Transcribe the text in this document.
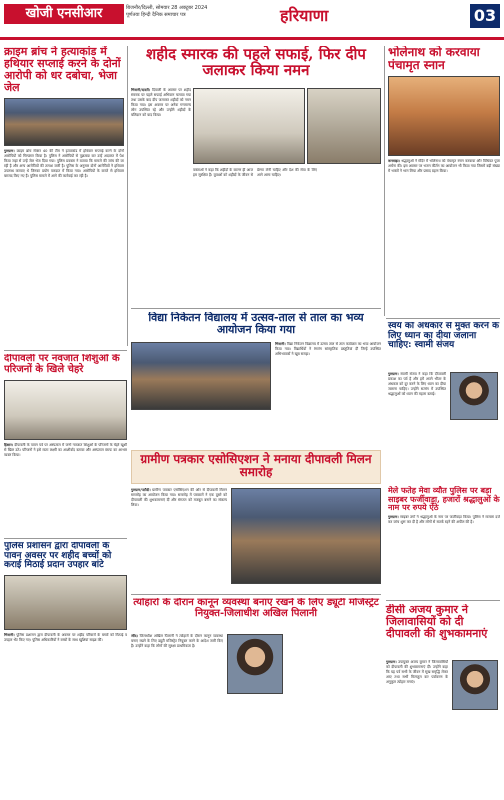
खोजी एनसीआर	बिजनौर/दिल्ली, सोमवार 28 अक्टूबर 2024
पूर्णतया हिन्दी दैनिक समाचार पत्र	हरियाणा	03
क्राइम ब्रांच ने हत्याकांड में हथियार सप्लाई करने के दोनों आरोपी को धर दबोचा, भेजा जेल
गुरुग्राम। क्राइम ब्रांच सेक्टर 40 की टीम ने हत्याकांड में हथियार सप्लाई करने के दोनों आरोपियों को गिरफ्तार किया है। पुलिस ने आरोपियों से पूछताछ कर उन्हें अदालत में पेश किया जहां से उन्हें जेल भेज दिया गया। पुलिस प्रवक्ता ने बताया कि मामले की जांच की जा रही है और अन्य आरोपियों की तलाश जारी है। पुलिस के अनुसार दोनों आरोपियों ने हथियार उपलब्ध करवाए थे जिनका प्रयोग वारदात में किया गया। आरोपियों के कब्जे से हथियार बरामद किए गए हैं। पुलिस मामले में आगे की कार्रवाई कर रही है।
शहीद स्मारक की पहले सफाई, फिर दीप जलाकर किया नमन
भिवानी/दादरी। दिवाली के अवसर पर शहीद स्मारक पर पहले सफाई अभियान चलाया गया तथा उसके बाद दीप जलाकर शहीदों को नमन किया गया। इस अवसर पर अनेक गणमान्य लोग उपस्थित रहे और उन्होंने शहीदों के बलिदान को याद किया।
वक्ताओं ने कहा कि शहीदों के कारण ही आज हम सुरक्षित हैं। युवाओं को शहीदों के जीवन से प्रेरणा लेनी चाहिए और देश की सेवा के लिए आगे आना चाहिए।
भोलेनाथ को करवाया पंचामृत स्नान
कनवाड़ा। श्रद्धालुओं ने मंदिर में भोलेनाथ को पंचामृत स्नान करवाया और विधिवत पूजा अर्चना की। इस अवसर पर भजन कीर्तन का आयोजन भी किया गया जिसमें बड़ी संख्या में भक्तों ने भाग लिया और प्रसाद ग्रहण किया।
विद्या निकेतन विद्यालय में उत्सव-ताल से ताल का भव्य आयोजन किया गया
भिवानी। विद्या निकेतन विद्यालय में उत्सव ताल से ताल कार्यक्रम का भव्य आयोजन किया गया। विद्यार्थियों ने रंगारंग सांस्कृतिक प्रस्तुतियां दीं जिन्हें उपस्थित अभिभावकों ने खूब सराहा।
स्वयं को अंधकार से मुक्त करने के लिए ध्यान का दीया जलाना चाहिए: स्वामी संजय
गुरुग्राम। स्वामी संजय ने कहा कि दीपावली प्रकाश का पर्व है और हमें अपने भीतर के अंधकार को दूर करने के लिए ध्यान का दीया जलाना चाहिए। उन्होंने सत्संग में उपस्थित श्रद्धालुओं को ध्यान की महत्ता बताई।
दीपावली पर नवजात शिशुओं के परिजनों के खिले चेहरे
हिसार। दीपावली के पावन पर्व पर अस्पताल में जन्मे नवजात शिशुओं के परिजनों के चेहरे खुशी से खिल उठे। परिजनों ने इसे माता लक्ष्मी का आशीर्वाद बताया और अस्पताल स्टाफ का आभार व्यक्त किया।	ग्रामीण पत्रकार एसोसिएशन ने मनाया दीपावली मिलन समारोह
गुरुग्राम/पटौदी। ग्रामीण पत्रकार एसोसिएशन की ओर से दीपावली मिलन समारोह का आयोजन किया गया। समारोह में पत्रकारों ने एक दूसरे को दीपावली की शुभकामनाएं दीं और संगठन को मजबूत बनाने का संकल्प लिया।
मेले फतेह मेवा व्यौत पुलिस पर बड़ा साइबर फर्जीवाड़ा, हजारों श्रद्धालुओं के नाम पर रुपये ऐंठे
गुरुग्राम। साइबर ठगों ने श्रद्धालुओं के नाम पर फर्जीवाड़ा किया। पुलिस ने मामला दर्ज कर जांच शुरू कर दी है और लोगों से सतर्क रहने की अपील की है।
पुलिस प्रशासन द्वारा दीपावली के पावन अवसर पर शहीद बच्चों को कराई मिठाई प्रदान उपहार बांटे
भिवानी। पुलिस प्रशासन द्वारा दीपावली के अवसर पर शहीद परिवारों के बच्चों को मिठाई व उपहार भेंट किए गए। पुलिस अधिकारियों ने बच्चों के साथ खुशियां साझा कीं।
त्योहारों के दौरान कानून व्यवस्था बनाए रखने के लिए ड्यूटी मजिस्ट्रेट नियुक्त-जिलाधीश अखिल पिलानी
जींद। जिलाधीश अखिल पिलानी ने त्योहारों के दौरान कानून व्यवस्था बनाए रखने के लिए ड्यूटी मजिस्ट्रेट नियुक्त करने के आदेश जारी किए हैं। उन्होंने कहा कि लोगों की सुरक्षा प्राथमिकता है।
डीसी अजय कुमार ने जिलावासियों को दी दीपावली की शुभकामनाएं
गुरुग्राम। उपायुक्त अजय कुमार ने जिलावासियों को दीपावली की शुभकामनाएं दीं। उन्होंने कहा कि यह पर्व सभी के जीवन में सुख समृद्धि लेकर आए तथा सभी मिलजुल कर पर्यावरण के अनुकूल त्योहार मनाएं।
